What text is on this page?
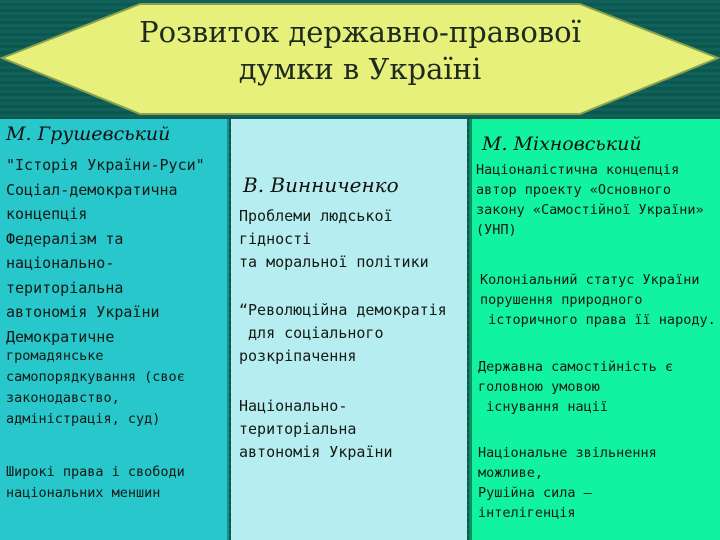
Розвиток державно-правової
думки в Україні
М. Грушевський
"Історія України-Руси"
Соціал-демократична
концепція
Федералізм та
національно-
територіальна
автономія України
Демократичне
громадянське
самопорядкування (своє
законодавство,
адміністрація, суд)
Широкі права і свободи
національних меншин
В. Винниченко
Проблеми людської
гідності
та моральної політики
“Революційна демократія
для соціального
розкріпачення
Національно-
територіальна
автономія України
М. Міхновський
Націоналістична концепція
автор проекту «Основного
закону «Самостійної України»
(УНП)
Колоніальний статус України
порушення природного
історичного права її народу.
Державна самостійність є
головною умовою
існування нації
Національне звільнення
можливе,
Рушійна сила –
інтелігенція
